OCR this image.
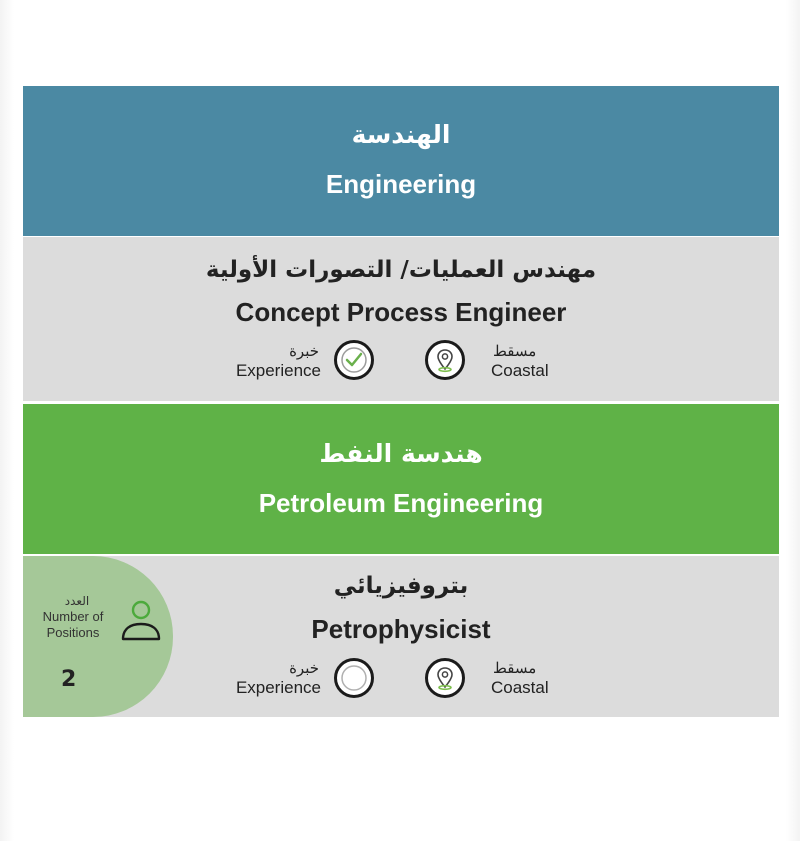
الهندسة
Engineering
مهندس العمليات/ التصورات الأولية
Concept Process Engineer
خبرة
Experience
مسقط
Coastal
هندسة النفط
Petroleum Engineering
العدد
Number of Positions
2
بتروفيزيائي
Petrophysicist
خبرة
Experience
مسقط
Coastal
